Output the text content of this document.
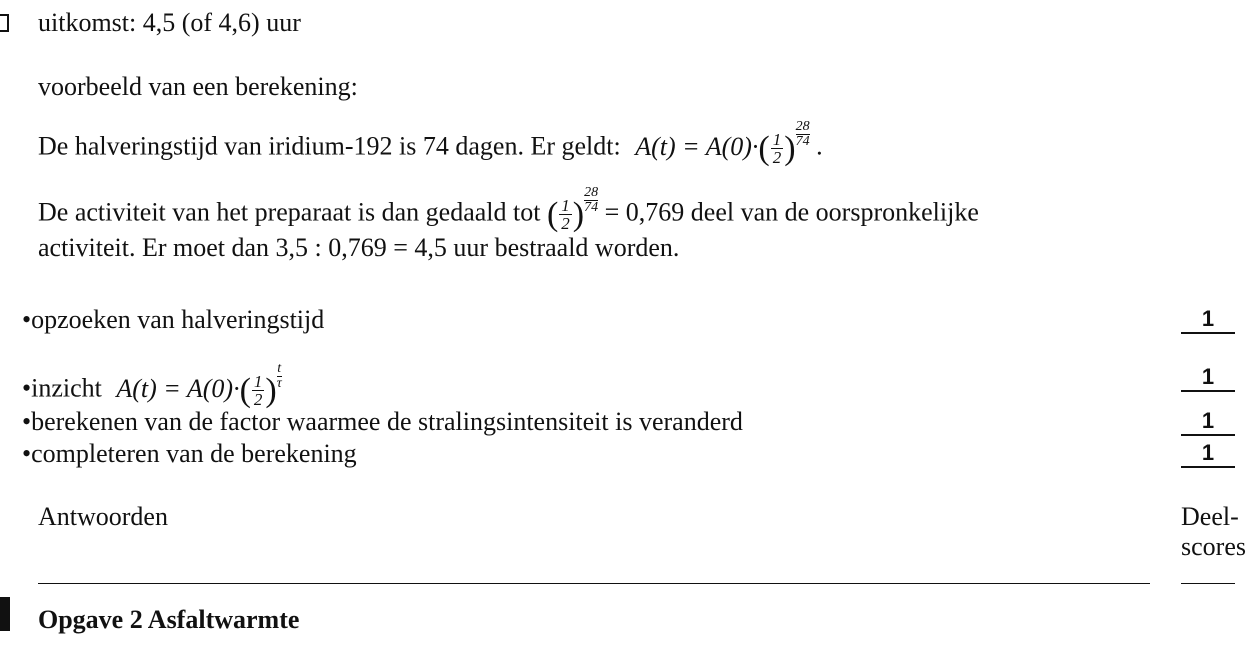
uitkomst: 4,5 (of 4,6) uur
voorbeeld van een berekening:
De halveringstijd van iridium-192 is 74 dagen. Er geldt: $A(t) = A(0)\cdot( \frac{1}{2}$ ) $\frac{28}{74}$ .
De activiteit van het preparaat is dan gedaald tot ( $\frac{1}{2}$ ) $\frac{28}{74} = 0,769$ deel van de oorspronkelijke
activiteit. Er moet dan 3,5 : 0,769 = 4,5 uur bestraald worden.
•opzoeken van halveringstijd	1
•inzicht $A(t) = A(0)\cdot( \frac{1}{2}$ ) $\frac{t}{\tau}$	1
•berekenen van de factor waarmee de stralingsintensiteit is veranderd	1
•completeren van de berekening	1
Antwoorden	Deel-
scores
Opgave 2 Asfaltwarmte
